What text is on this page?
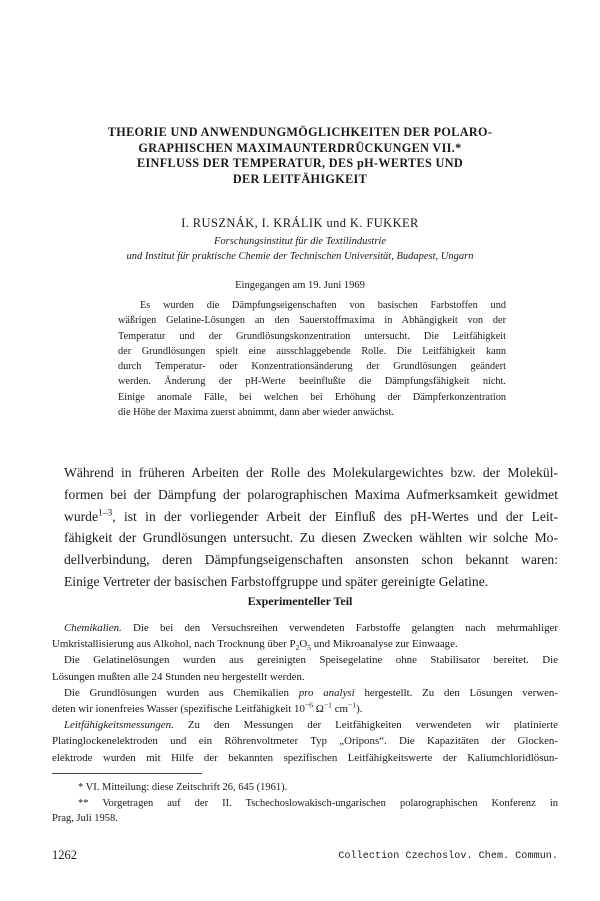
THEORIE UND ANWENDUNGMÖGLICHKEITEN DER POLARO-
GRAPHISCHEN MAXIMAUNTERDRÜCKUNGEN VII.*
EINFLUSS DER TEMPERATUR, DES pH-WERTES UND
DER LEITFÄHIGKEIT
I. RUSZNÁK, I. KRÁLIK und K. FUKKER
Forschungsinstitut für die Textilindustrie
und Institut für praktische Chemie der Technischen Universität, Budapest, Ungarn
Eingegangen am 19. Juni 1969
Es wurden die Dämpfungseigenschaften von basischen Farbstoffen und
wäßrigen Gelatine-Lösungen an den Sauerstoffmaxima in Abhängigkeit von der
Temperatur und der Grundlösungskonzentration untersucht. Die Leitfähigkeit
der Grundlösungen spielt eine ausschlaggebende Rolle. Die Leitfähigkeit kann
durch Temperatur- oder Konzentrationsänderung der Grundlösungen geändert
werden. Änderung der pH-Werte beeinflußte die Dämpfungsfähigkeit nicht.
Einige anomale Fälle, bei welchen bei Erhöhung der Dämpferkonzentration
die Höhe der Maxima zuerst abnimmt, dann aber wieder anwächst.
Während in früheren Arbeiten der Rolle des Molekulargewichtes bzw. der Molekül-
formen bei der Dämpfung der polarographischen Maxima Aufmerksamkeit gewidmet
wurde$^{1-3}$, ist in der vorliegender Arbeit der Einfluß des pH-Wertes und der Leit-
fähigkeit der Grundlösungen untersucht. Zu diesen Zwecken wählten wir solche Mo-
dellverbindung, deren Dämpfungseigenschaften ansonsten schon bekannt waren:
Einige Vertreter der basischen Farbstoffgruppe und später gereinigte Gelatine.
Experimenteller Teil
Chemikalien. Die bei den Versuchsreihen verwendeten Farbstoffe gelangten nach mehrmahliger
Umkristallisierung aus Alkohol, nach Trocknung über $P_2O_5$ und Mikroanalyse zur Einwaage.
Die Gelatinelösungen wurden aus gereinigten Speisegelatine ohne Stabilisator bereitet. Die
Lösungen mußten alle 24 Stunden neu hergestellt werden.
Die Grundlösungen wurden aus Chemikalien pro analysi hergestellt. Zu den Lösungen verwen-
deten wir ionenfreies Wasser (spezifische Leitfähigkeit $10^{-6}$ $\Omega^{-1}$ $cm^{-1}$).
Leitfähigkeitsmessungen. Zu den Messungen der Leitfähigkeiten verwendeten wir platinierte
Platinglockenelektroden und ein Röhrenvoltmeter Typ „Oripons“. Die Kapazitäten der Glocken-
elektrode wurden mit Hilfe der bekannten spezifischen Leitfähigkeitswerte der Kaliumchloridlösun-
* VI. Mitteilung: diese Zeitschrift 26, 645 (1961).
** Vorgetragen auf der II. Tschechoslowakisch-ungarischen polarographischen Konferenz in
Prag, Juli 1958.
1262	Collection Czechoslov. Chem. Commun.
